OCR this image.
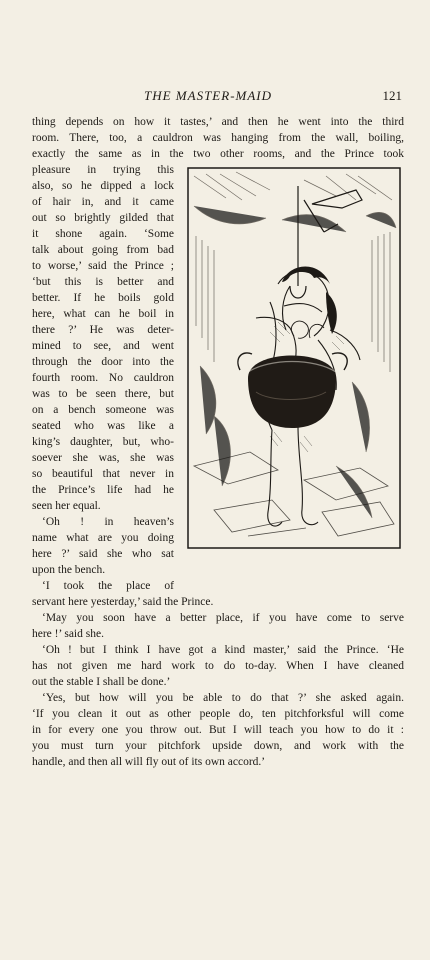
THE MASTER-MAID	121
thing depends on how it tastes,’ and then he went into the third
room. There, too, a cauldron was hanging from the wall, boiling,
exactly the same as in the two other rooms, and the Prince took
pleasure in trying this
also, so he dipped a lock
of hair in, and it came
out so brightly gilded that
it shone again. ‘Some
talk about going from bad
to worse,’ said the Prince ;
‘but this is better and
better. If he boils gold
here, what can he boil in
there ?’ He was deter-
mined to see, and went
through the door into the
fourth room. No cauldron
was to be seen there, but
on a bench someone was
seated who was like a
king’s daughter, but, who-
soever she was, she was
so beautiful that never in
the Prince’s life had he
seen her equal.
‘Oh ! in heaven’s
name what are you doing
here ?’ said she who sat
upon the bench.
‘I took the place of
servant here yesterday,’ said the Prince.
‘May you soon have a better place, if you have come to serve
here !’ said she.
‘Oh ! but I think I have got a kind master,’ said the Prince. ‘He
has not given me hard work to do to-day. When I have cleaned
out the stable I shall be done.’
‘Yes, but how will you be able to do that ?’ she asked again.
‘If you clean it out as other people do, ten pitchforksful will come
in for every one you throw out. But I will teach you how to do it :
you must turn your pitchfork upside down, and work with the
handle, and then all will fly out of its own accord.’
